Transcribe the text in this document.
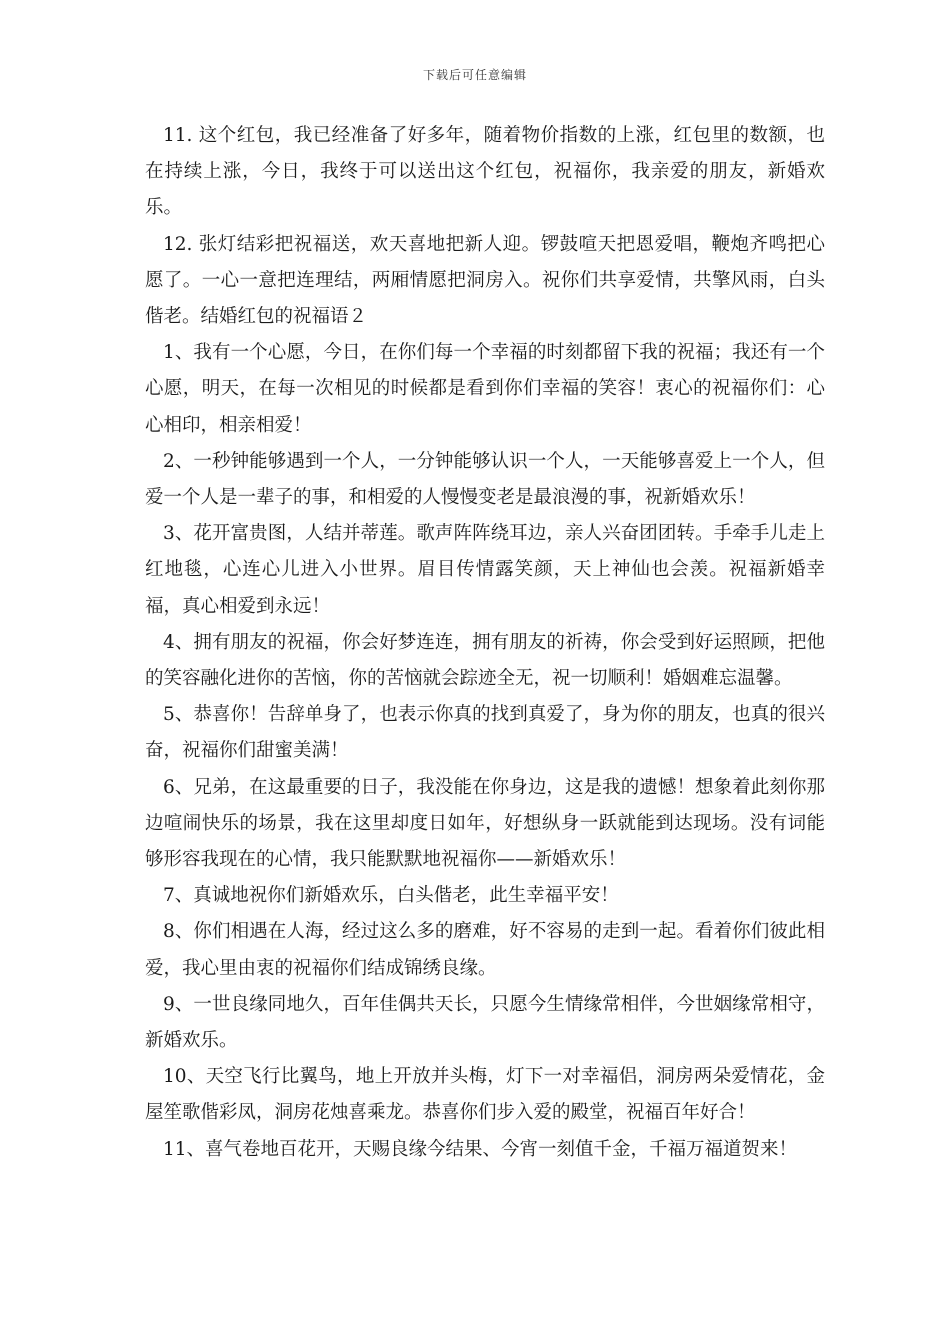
下载后可任意编辑

11. 这个红包，我已经准备了好多年，随着物价指数的上涨，红包里的数额，也在持续上涨，今日，我终于可以送出这个红包，祝福你，我亲爱的朋友，新婚欢乐。

12. 张灯结彩把祝福送，欢天喜地把新人迎。锣鼓喧天把恩爱唱，鞭炮齐鸣把心愿了。一心一意把连理结，两厢情愿把洞房入。祝你们共享爱情，共擎风雨，白头偕老。结婚红包的祝福语２

1、我有一个心愿，今日，在你们每一个幸福的时刻都留下我的祝福；我还有一个心愿，明天，在每一次相见的时候都是看到你们幸福的笑容！衷心的祝福你们：心心相印，相亲相爱！

2、一秒钟能够遇到一个人，一分钟能够认识一个人，一天能够喜爱上一个人，但爱一个人是一辈子的事，和相爱的人慢慢变老是最浪漫的事，祝新婚欢乐！

3、花开富贵图，人结并蒂莲。歌声阵阵绕耳边，亲人兴奋团团转。手牵手儿走上红地毯，心连心儿进入小世界。眉目传情露笑颜，天上神仙也会羡。祝福新婚幸福，真心相爱到永远！

4、拥有朋友的祝福，你会好梦连连，拥有朋友的祈祷，你会受到好运照顾，把他的笑容融化进你的苦恼，你的苦恼就会踪迹全无，祝一切顺利！婚姻难忘温馨。

5、恭喜你！告辞单身了，也表示你真的找到真爱了，身为你的朋友，也真的很兴奋，祝福你们甜蜜美满！

6、兄弟，在这最重要的日子，我没能在你身边，这是我的遗憾！想象着此刻你那边喧闹快乐的场景，我在这里却度日如年，好想纵身一跃就能到达现场。没有词能够形容我现在的心情，我只能默默地祝福你——新婚欢乐！

7、真诚地祝你们新婚欢乐，白头偕老，此生幸福平安！

8、你们相遇在人海，经过这么多的磨难，好不容易的走到一起。看着你们彼此相爱，我心里由衷的祝福你们结成锦绣良缘。

9、一世良缘同地久，百年佳偶共天长，只愿今生情缘常相伴，今世姻缘常相守，新婚欢乐。

10、天空飞行比翼鸟，地上开放并头梅，灯下一对幸福侣，洞房两朵爱情花，金屋笙歌偕彩凤，洞房花烛喜乘龙。恭喜你们步入爱的殿堂，祝福百年好合！

11、喜气卷地百花开，天赐良缘今结果、今宵一刻值千金，千福万福道贺来！
